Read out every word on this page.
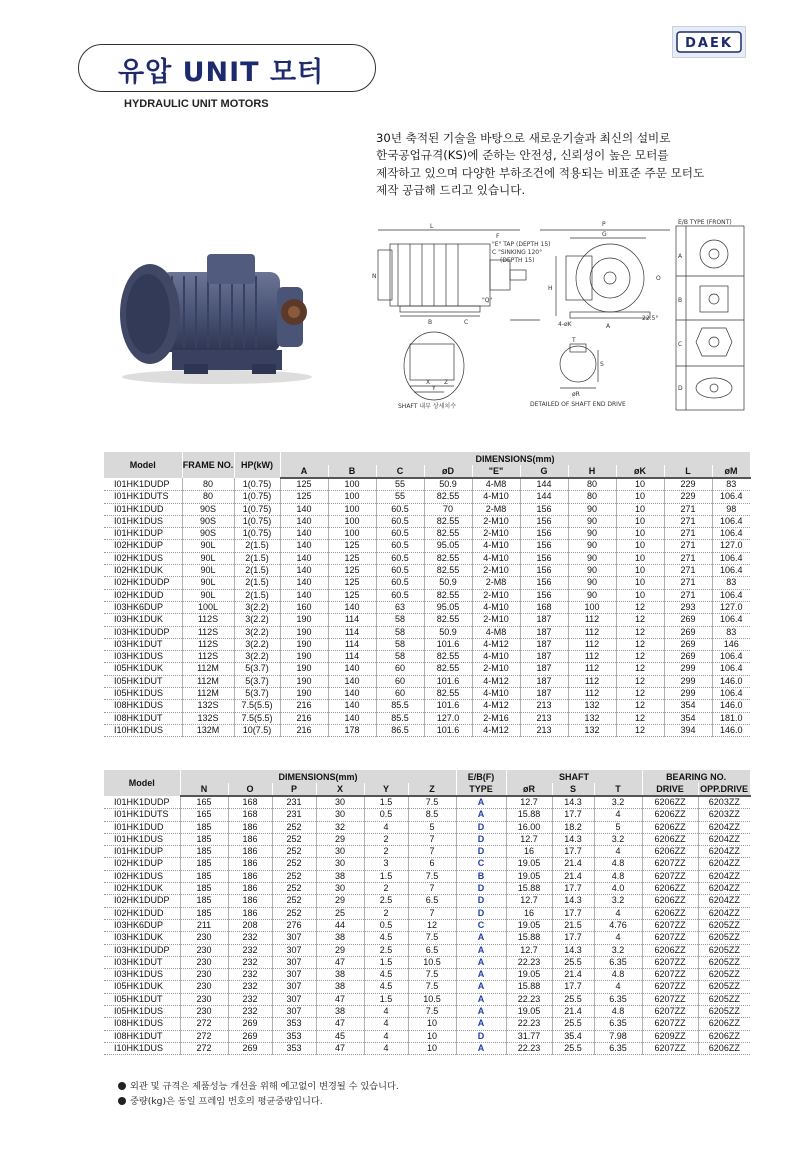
유압 UNIT 모터
HYDRAULIC UNIT MOTORS
DAEK
30년 축적된 기술을 바탕으로 새로운기술과 최신의 설비로
한국공업규격(KS)에 준하는 안전성, 신뢰성이 높은 모터를
제작하고 있으며 다양한 부하조건에 적용되는 비표준 주문 모터도
제작 공급해 드리고 있습니다.
L
F
N
B	C
"Q"
"E" TAP (DEPTH 15)
C "SINKING 120°
(DEPTH 15)
P
G
H
4-øK	A
O
22.5°
X
Y
Z
SHAFT 내부 상세치수
S
T
øR
DETAILED OF SHAFT END DRIVE
E/B TYPE (FRONT)
A
B
C
D
Model	FRAME NO.	HP(kW)	DIMENSIONS(mm)									
			A	B	C	øD	"E"	G	H	øK	L	øM
I01HK1DUDP	80	1(0.75)	125	100	55	50.9	4-M8	144	80	10	229	83
I01HK1DUTS	80	1(0.75)	125	100	55	82.55	4-M10	144	80	10	229	106.4
I01HK1DUD	90S	1(0.75)	140	100	60.5	70	2-M8	156	90	10	271	98
I01HK1DUS	90S	1(0.75)	140	100	60.5	82.55	2-M10	156	90	10	271	106.4
I01HK1DUP	90S	1(0.75)	140	100	60.5	82.55	2-M10	156	90	10	271	106.4
I02HK1DUP	90L	2(1.5)	140	125	60.5	95.05	4-M10	156	90	10	271	127.0
I02HK1DUS	90L	2(1.5)	140	125	60.5	82.55	4-M10	156	90	10	271	106.4
I02HK1DUK	90L	2(1.5)	140	125	60.5	82.55	2-M10	156	90	10	271	106.4
I02HK1DUDP	90L	2(1.5)	140	125	60.5	50.9	2-M8	156	90	10	271	83
I02HK1DUD	90L	2(1.5)	140	125	60.5	82.55	2-M10	156	90	10	271	106.4
I03HK6DUP	100L	3(2.2)	160	140	63	95.05	4-M10	168	100	12	293	127.0
I03HK1DUK	112S	3(2.2)	190	114	58	82.55	2-M10	187	112	12	269	106.4
I03HK1DUDP	112S	3(2.2)	190	114	58	50.9	4-M8	187	112	12	269	83
I03HK1DUT	112S	3(2.2)	190	114	58	101.6	4-M12	187	112	12	269	146
I03HK1DUS	112S	3(2.2)	190	114	58	82.55	4-M10	187	112	12	269	106.4
I05HK1DUK	112M	5(3.7)	190	140	60	82.55	2-M10	187	112	12	299	106.4
I05HK1DUT	112M	5(3.7)	190	140	60	101.6	4-M12	187	112	12	299	146.0
I05HK1DUS	112M	5(3.7)	190	140	60	82.55	4-M10	187	112	12	299	106.4
I08HK1DUS	132S	7.5(5.5)	216	140	85.5	101.6	4-M12	213	132	12	354	146.0
I08HK1DUT	132S	7.5(5.5)	216	140	85.5	127.0	2-M16	213	132	12	354	181.0
I10HK1DUS	132M	10(7.5)	216	178	86.5	101.6	4-M12	213	132	12	394	146.0
Model	DIMENSIONS(mm)						E/B(F)	SHAFT			BEARING NO.	
	N	O	P	X	Y	Z	TYPE	øR	S	T	DRIVE	OPP.DRIVE
I01HK1DUDP	165	168	231	30	1.5	7.5	A	12.7	14.3	3.2	6206ZZ	6203ZZ
I01HK1DUTS	165	168	231	30	0.5	8.5	A	15.88	17.7	4	6206ZZ	6203ZZ
I01HK1DUD	185	186	252	32	4	5	D	16.00	18.2	5	6206ZZ	6204ZZ
I01HK1DUS	185	186	252	29	2	7	D	12.7	14.3	3.2	6206ZZ	6204ZZ
I01HK1DUP	185	186	252	30	2	7	D	16	17.7	4	6206ZZ	6204ZZ
I02HK1DUP	185	186	252	30	3	6	C	19.05	21.4	4.8	6207ZZ	6204ZZ
I02HK1DUS	185	186	252	38	1.5	7.5	B	19.05	21.4	4.8	6207ZZ	6204ZZ
I02HK1DUK	185	186	252	30	2	7	D	15.88	17.7	4.0	6206ZZ	6204ZZ
I02HK1DUDP	185	186	252	29	2.5	6.5	D	12.7	14.3	3.2	6206ZZ	6204ZZ
I02HK1DUD	185	186	252	25	2	7	D	16	17.7	4	6206ZZ	6204ZZ
I03HK6DUP	211	208	276	44	0.5	12	C	19.05	21.5	4.76	6207ZZ	6205ZZ
I03HK1DUK	230	232	307	38	4.5	7.5	A	15.88	17.7	4	6207ZZ	6205ZZ
I03HK1DUDP	230	232	307	29	2.5	6.5	A	12.7	14.3	3.2	6206ZZ	6205ZZ
I03HK1DUT	230	232	307	47	1.5	10.5	A	22.23	25.5	6.35	6207ZZ	6205ZZ
I03HK1DUS	230	232	307	38	4.5	7.5	A	19.05	21.4	4.8	6207ZZ	6205ZZ
I05HK1DUK	230	232	307	38	4.5	7.5	A	15.88	17.7	4	6207ZZ	6205ZZ
I05HK1DUT	230	232	307	47	1.5	10.5	A	22.23	25.5	6.35	6207ZZ	6205ZZ
I05HK1DUS	230	232	307	38	4	7.5	A	19.05	21.4	4.8	6207ZZ	6205ZZ
I08HK1DUS	272	269	353	47	4	10	A	22.23	25.5	6.35	6207ZZ	6206ZZ
I08HK1DUT	272	269	353	45	4	10	D	31.77	35.4	7.98	6209ZZ	6206ZZ
I10HK1DUS	272	269	353	47	4	10	A	22.23	25.5	6.35	6207ZZ	6206ZZ
외관 및 규격은 제품성능 개선을 위해 예고없이 변경될 수 있습니다.
중량(kg)은 동일 프레임 번호의 평균중량입니다.
